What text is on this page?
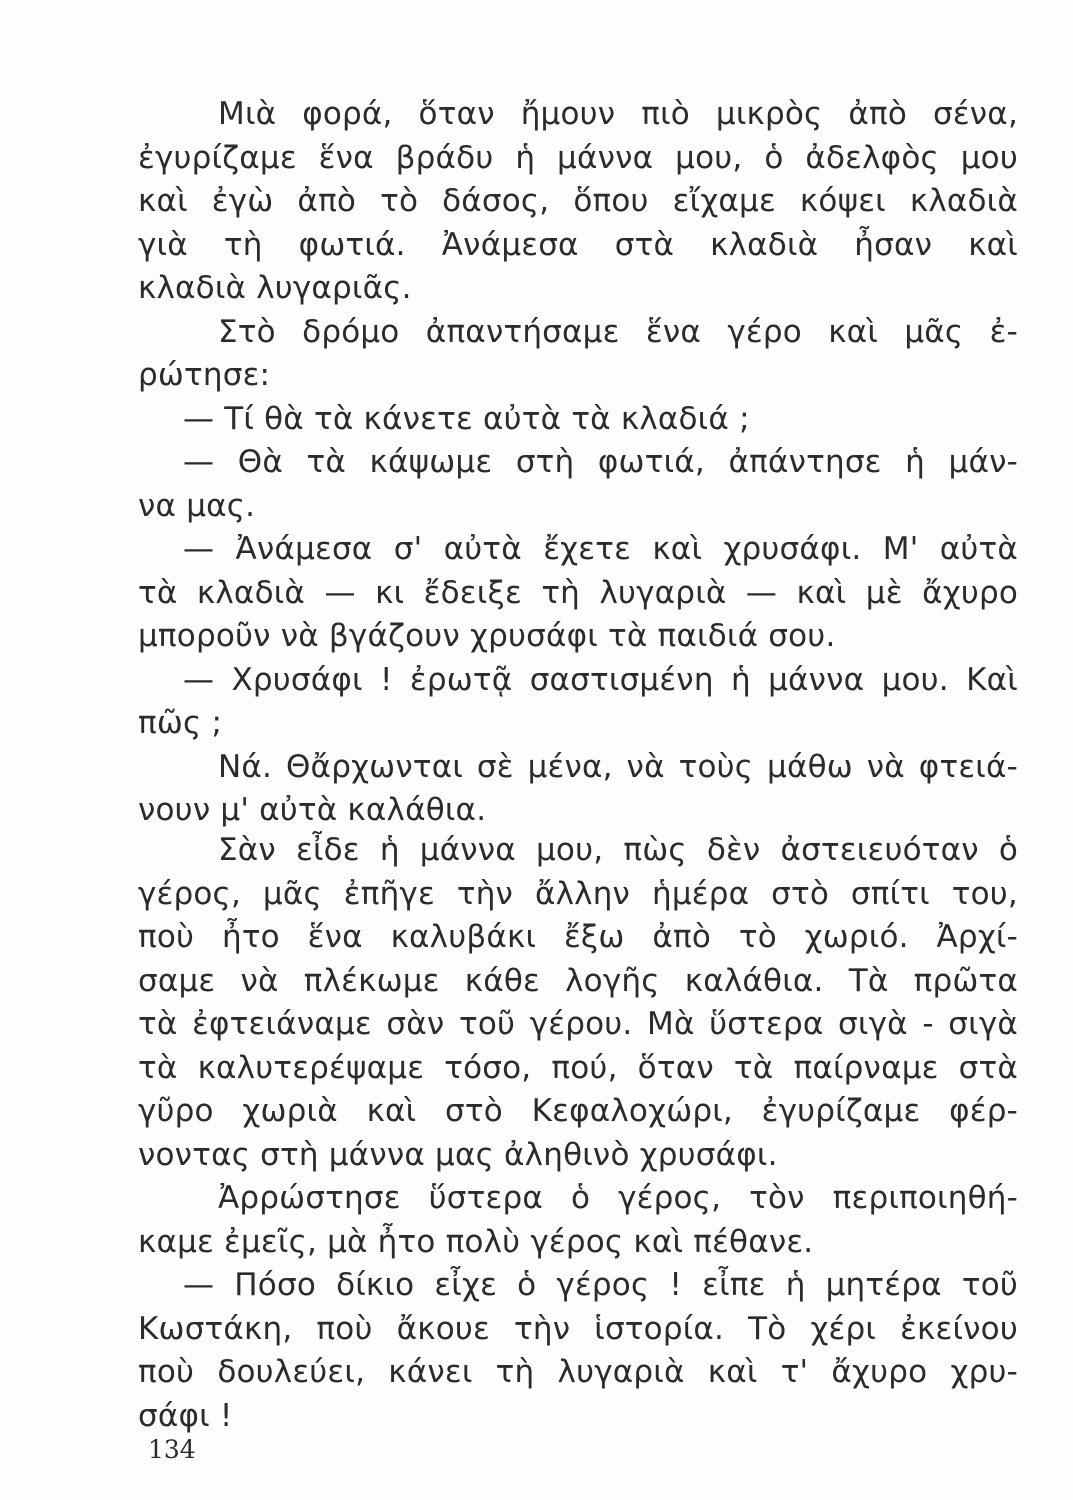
Μιὰ φορά, ὅταν ἤμουν πιὸ μικρὸς ἀπὸ σένα,
ἐγυρίζαμε ἕνα βράδυ ἡ μάννα μου, ὁ ἀδελφὸς μου
καὶ ἐγὼ ἀπὸ τὸ δάσος, ὅπου εἴχαμε κόψει κλαδιὰ
γιὰ τὴ φωτιά. Ἀνάμεσα στὰ κλαδιὰ ἦσαν καὶ
κλαδιὰ λυγαριᾶς.
Στὸ δρόμο ἀπαντήσαμε ἕνα γέρο καὶ μᾶς ἐ-
ρώτησε:
— Τί θὰ τὰ κάνετε αὐτὰ τὰ κλαδιά ;
— Θὰ τὰ κάψωμε στὴ φωτιά, ἀπάντησε ἡ μάν-
να μας.
— Ἀνάμεσα σ' αὐτὰ ἔχετε καὶ χρυσάφι. Μ' αὐτὰ
τὰ κλαδιὰ — κι ἔδειξε τὴ λυγαριὰ — καὶ μὲ ἄχυρο
μποροῦν νὰ βγάζουν χρυσάφι τὰ παιδιά σου.
— Χρυσάφι ! ἐρωτᾷ σαστισμένη ἡ μάννα μου. Καὶ
πῶς ;
Νά. Θἄρχωνται σὲ μένα, νὰ τοὺς μάθω νὰ φτειά-
νουν μ' αὐτὰ καλάθια.
Σὰν εἶδε ἡ μάννα μου, πὼς δὲν ἀστειευόταν ὁ
γέρος, μᾶς ἐπῆγε τὴν ἄλλην ἡμέρα στὸ σπίτι του,
ποὺ ἦτο ἕνα καλυβάκι ἔξω ἀπὸ τὸ χωριό. Ἀρχί-
σαμε νὰ πλέκωμε κάθε λογῆς καλάθια. Τὰ πρῶτα
τὰ ἐφτειάναμε σὰν τοῦ γέρου. Μὰ ὕστερα σιγὰ - σιγὰ
τὰ καλυτερέψαμε τόσο, πού, ὅταν τὰ παίρναμε στὰ
γῦρο χωριὰ καὶ στὸ Κεφαλοχώρι, ἐγυρίζαμε φέρ-
νοντας στὴ μάννα μας ἀληθινὸ χρυσάφι.
Ἀρρώστησε ὕστερα ὁ γέρος, τὸν περιποιηθή-
καμε ἐμεῖς, μὰ ἦτο πολὺ γέρος καὶ πέθανε.
— Πόσο δίκιο εἶχε ὁ γέρος ! εἶπε ἡ μητέρα τοῦ
Κωστάκη, ποὺ ἄκουε τὴν ἱστορία. Τὸ χέρι ἐκείνου
ποὺ δουλεύει, κάνει τὴ λυγαριὰ καὶ τ' ἄχυρο χρυ-
σάφι !
134
